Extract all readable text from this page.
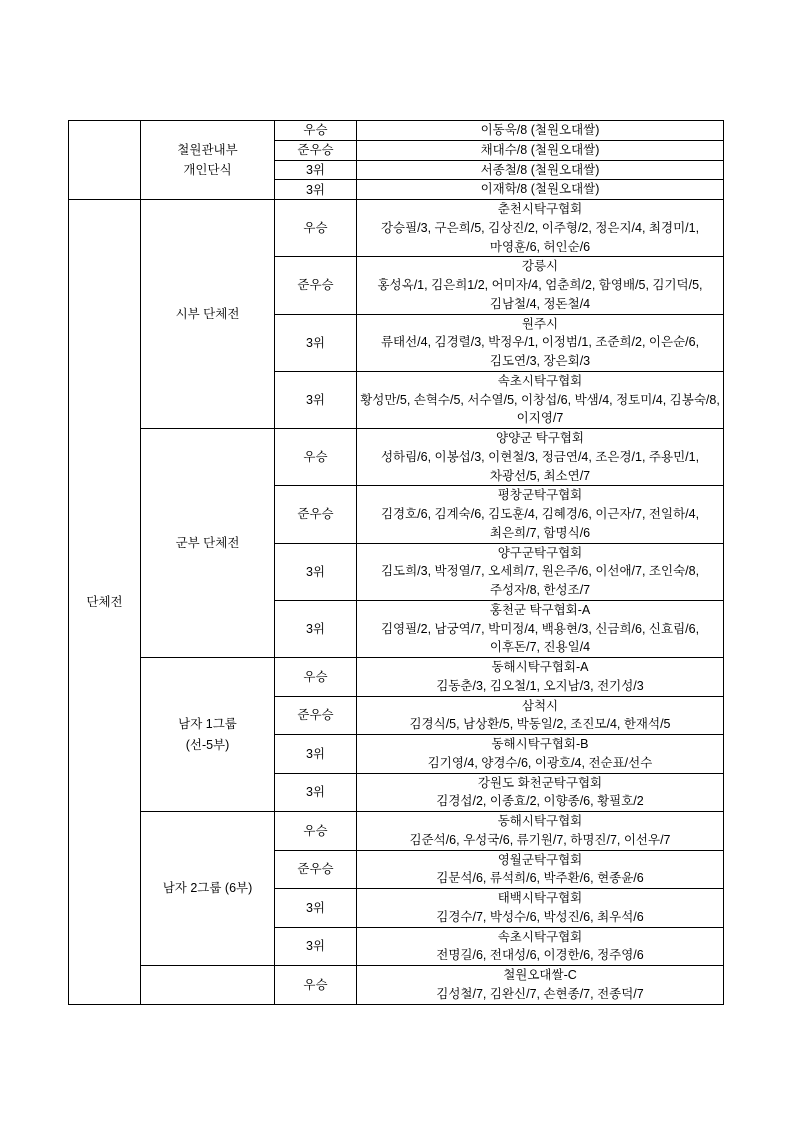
	철원관내부
개인단식	우승	이동욱/8 (철원오대쌀)

		준우승	채대수/8 (철원오대쌀)

		3위	서종철/8 (철원오대쌀)

		3위	이재학/8 (철원오대쌀)

단체전	시부 단체전	우승	춘천시탁구협회
강승필/3, 구은희/5, 김상진/2, 이주형/2, 정은지/4, 최경미/1, 마영훈/6, 허인순/6

		준우승	강릉시
홍성옥/1, 김은희1/2, 어미자/4, 엄춘희/2, 함영배/5, 김기덕/5, 김남철/4, 정돈철/4

		3위	원주시
류태선/4, 김경렬/3, 박정우/1, 이정범/1, 조준희/2, 이은순/6, 김도연/3, 장은회/3

		3위	속초시탁구협회
황성만/5, 손혁수/5, 서수열/5, 이창섭/6, 박샘/4, 정토미/4, 김봉숙/8, 이지영/7

	군부 단체전	우승	양양군 탁구협회
성하림/6, 이봉섭/3, 이현철/3, 정금연/4, 조은경/1, 주용민/1, 차광선/5, 최소연/7

		준우승	평창군탁구협회
김경호/6, 김계숙/6, 김도훈/4, 김혜경/6, 이근자/7, 전일하/4, 최은희/7, 함명식/6

		3위	양구군탁구협회
김도희/3, 박정열/7, 오세희/7, 원은주/6, 이선애/7, 조인숙/8, 주성자/8, 한성조/7

		3위	홍천군 탁구협회-A
김영필/2, 남궁역/7, 박미정/4, 백용현/3, 신금희/6, 신효림/6, 이후돈/7, 진용일/4

	남자 1그룹
(선-5부)	우승	동해시탁구협회-A
김동춘/3, 김오철/1, 오지남/3, 전기성/3

		준우승	삼척시
김경식/5, 남상환/5, 박동일/2, 조진모/4, 한재석/5

		3위	동해시탁구협회-B
김기영/4, 양경수/6, 이광호/4, 전순표/선수

		3위	강원도 화천군탁구협회
김경섭/2, 이종효/2, 이향종/6, 황필호/2

	남자 2그룹 (6부)	우승	동해시탁구협회
김준석/6, 우성국/6, 류기원/7, 하명진/7, 이선우/7

		준우승	영월군탁구협회
김문석/6, 류석희/6, 박주환/6, 현종윤/6

		3위	태백시탁구협회
김경수/7, 박성수/6, 박성진/6, 최우석/6

		3위	속초시탁구협회
전명길/6, 전대성/6, 이경한/6, 정주영/6

		우승	철원오대쌀-C
김성철/7, 김완신/7, 손현종/7, 전종덕/7
